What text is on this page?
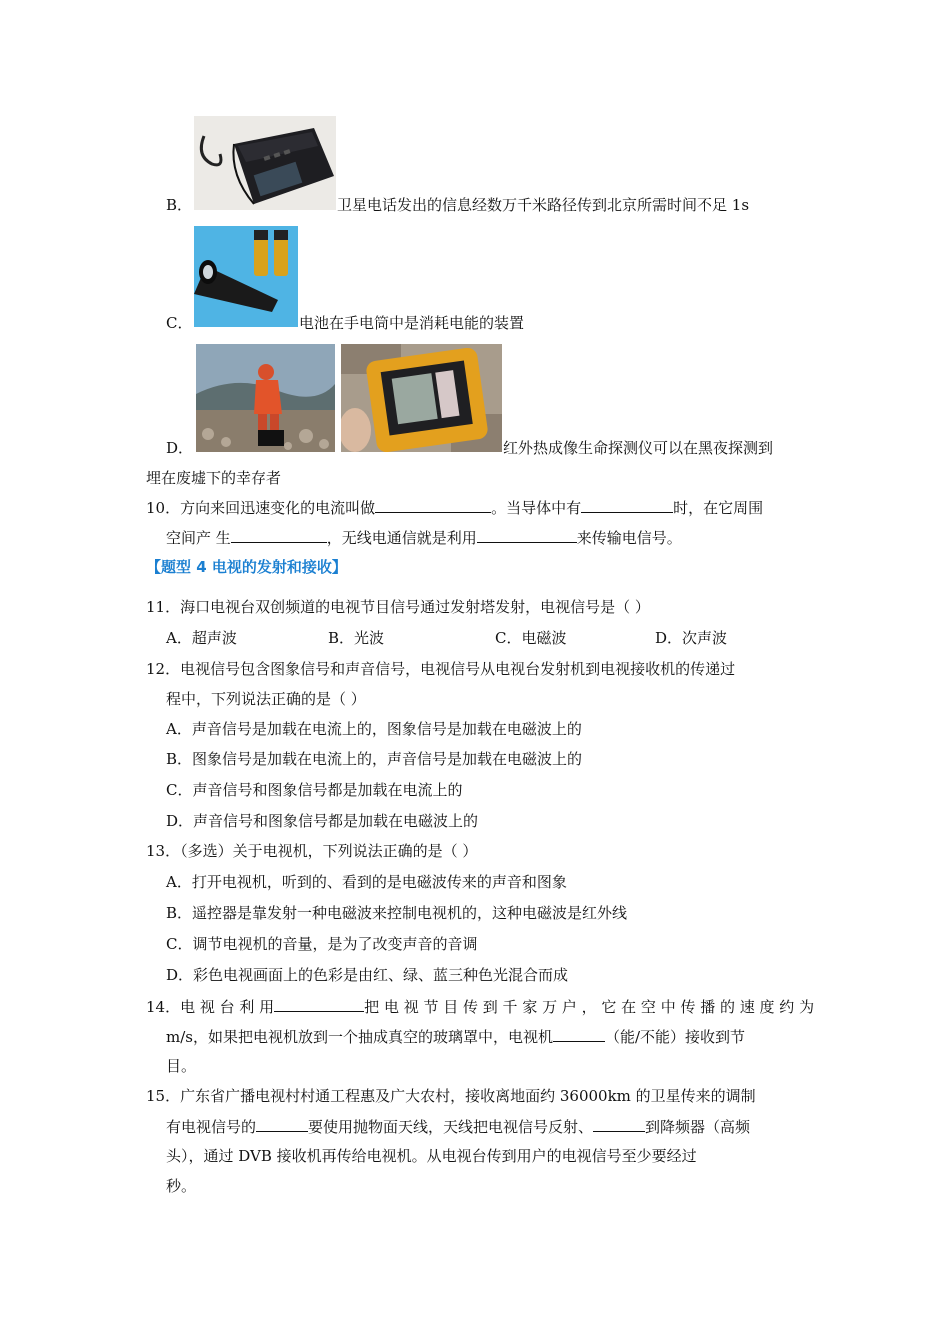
B．	卫星电话发出的信息经数万千米路径传到北京所需时间不足 1s
C．	电池在手电筒中是消耗电能的装置
D．	红外热成像生命探测仪可以在黑夜探测到
埋在废墟下的幸存者
10．方向来回迅速变化的电流叫做	。当导体中有	时，在它周围
空间产 生	，无线电通信就是利用	来传输电信号。
【题型 4 电视的发射和接收】
11．海口电视台双创频道的电视节目信号通过发射塔发射，电视信号是（ ）
A．超声波	B．光波	C．电磁波	D．次声波
12．电视信号包含图象信号和声音信号，电视信号从电视台发射机到电视接收机的传递过
程中，下列说法正确的是（ ）
A．声音信号是加载在电流上的，图象信号是加载在电磁波上的
B．图象信号是加载在电流上的，声音信号是加载在电磁波上的
C．声音信号和图象信号都是加载在电流上的
D．声音信号和图象信号都是加载在电磁波上的
13．（多选）关于电视机，下列说法正确的是（ ）
A．打开电视机，听到的、看到的是电磁波传来的声音和图象
B．遥控器是靠发射一种电磁波来控制电视机的，这种电磁波是红外线
C．调节电视机的音量，是为了改变声音的音调
D．彩色电视画面上的色彩是由红、绿、蓝三种色光混合而成
14．电 视 台 利 用	把 电 视 节 目 传 到 千 家 万 户 ， 它 在 空 中 传 播 的 速 度 约 为
m/s，如果把电视机放到一个抽成真空的玻璃罩中，电视机	（能/不能）接收到节
目。
15．广东省广播电视村村通工程惠及广大农村，接收离地面约 36000km 的卫星传来的调制
有电视信号的	要使用抛物面天线，天线把电视信号反射、	到降频器（高频
头），通过 DVB 接收机再传给电视机。从电视台传到用户的电视信号至少要经过
秒。
